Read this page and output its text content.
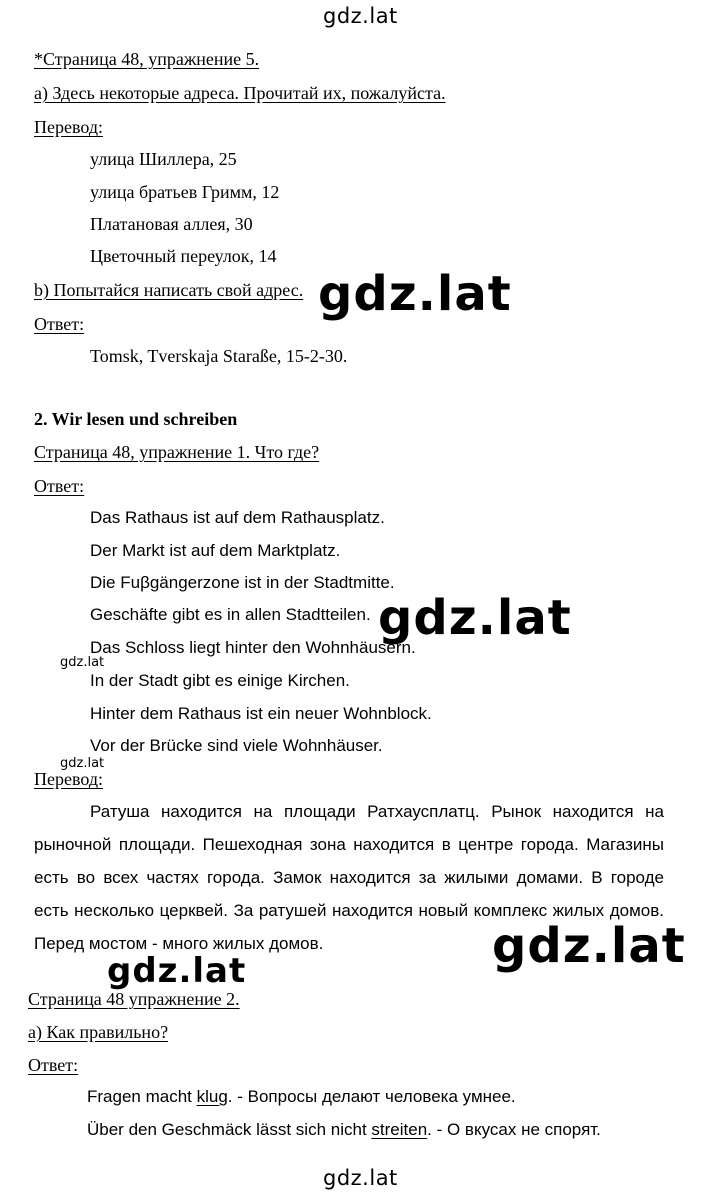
gdz.lat
*Страница 48, упражнение 5.
а) Здесь некоторые адреса. Прочитай их, пожалуйста.
Перевод:
улица Шиллера, 25
улица братьев Гримм, 12
Платановая аллея, 30
Цветочный переулок, 14
b) Попытайся написать свой адрес. gdz.lat
Ответ:
Tomsk, Tverskaja Staraße, 15-2-30.
2. Wir lesen und schreiben
Страница 48, упражнение 1. Что где?
Ответ:
Das Rathaus ist auf dem Rathausplatz.
Der Markt ist auf dem Marktplatz.
Die Fuβgängerzone ist in der Stadtmitte.
Geschäfte gibt es in allen Stadtteilen. gdz.lat
Das Schloss liegt hinter den Wohnhäusern.
gdz.lat
In der Stadt gibt es einige Kirchen.
Hinter dem Rathaus ist ein neuer Wohnblock.
Vor der Brücke sind viele Wohnhäuser.
gdz.lat
Перевод:
Ратуша находится на площади Ратхаусплатц. Рынок находится на рыночной площади. Пешеходная зона находится в центре города. Магазины есть во всех частях города. Замок находится за жилыми домами. В городе есть несколько церквей. За ратушей находится новый комплекс жилых домов. Перед мостом - много жилых домов.	gdz.lat
gdz.lat
Страница 48 упражнение 2.
а) Как правильно?
Ответ:
Fragen macht klug. - Вопросы делают человека умнее.
Über den Geschmäck lässt sich nicht streiten. - О вкусах не спорят.
gdz.lat
